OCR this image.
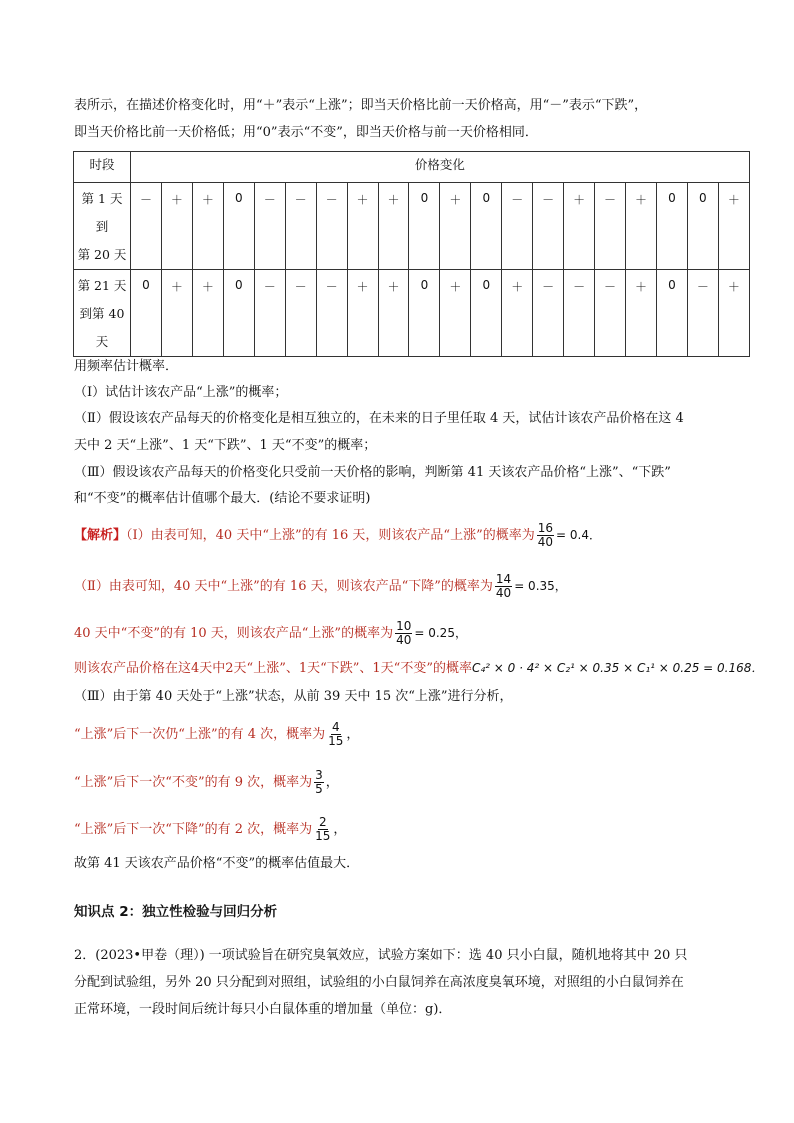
表所示，在描述价格变化时，用“＋”表示“上涨”；即当天价格比前一天价格高，用“－”表示“下跌”，
即当天价格比前一天价格低；用“0”表示“不变”，即当天价格与前一天价格相同．
时段	价格变化																			

第 1 天
到
第 20 天	－	＋	＋	0	－	－	－	＋	＋	0	＋	0	－	－	＋	－	＋	0	0	＋

第 21 天
到第 40
天	0	＋	＋	0	－	－	－	＋	＋	0	＋	0	＋	－	－	－	＋	0	－	＋
用频率估计概率．
（Ⅰ）试估计该农产品“上涨”的概率；
（Ⅱ）假设该农产品每天的价格变化是相互独立的，在未来的日子里任取 4 天，试估计该农产品价格在这 4
天中 2 天“上涨”、1 天“下跌”、1 天“不变”的概率；
（Ⅲ）假设该农产品每天的价格变化只受前一天价格的影响，判断第 41 天该农产品价格“上涨”、“下跌”
和“不变”的概率估计值哪个最大．(结论不要求证明)
【解析】（Ⅰ）由表可知，40 天中“上涨”的有 16 天，则该农产品“上涨”的概率为 $\frac{16}{40} = 0.4$．
（Ⅱ）由表可知，40 天中“上涨”的有 16 天，则该农产品“下降”的概率为 $\frac{14}{40} = 0.35$，
40 天中“不变”的有 10 天，则该农产品“上涨”的概率为 $\frac{10}{40} = 0.25$，
则该农产品价格在这4天中2天“上涨”、1天“下跌”、1天“不变”的概率C₄² × 0 · 4² × C₂¹ × 0.35 × C₁¹ × 0.25 = 0.168．
（Ⅲ）由于第 40 天处于“上涨”状态，从前 39 天中 15 次“上涨”进行分析，
“上涨”后下一次仍“上涨”的有 4 次，概率为 $\frac{4}{15}$ ，
“上涨”后下一次“不变”的有 9 次，概率为 $\frac{3}{5}$ ，
“上涨”后下一次“下降”的有 2 次，概率为 $\frac{2}{15}$ ，
故第 41 天该农产品价格“不变”的概率估值最大．
知识点 2：独立性检验与回归分析
2．(2023•甲卷（理）) 一项试验旨在研究臭氧效应，试验方案如下：选 40 只小白鼠，随机地将其中 20 只
分配到试验组，另外 20 只分配到对照组，试验组的小白鼠饲养在高浓度臭氧环境，对照组的小白鼠饲养在
正常环境，一段时间后统计每只小白鼠体重的增加量（单位：g)．
